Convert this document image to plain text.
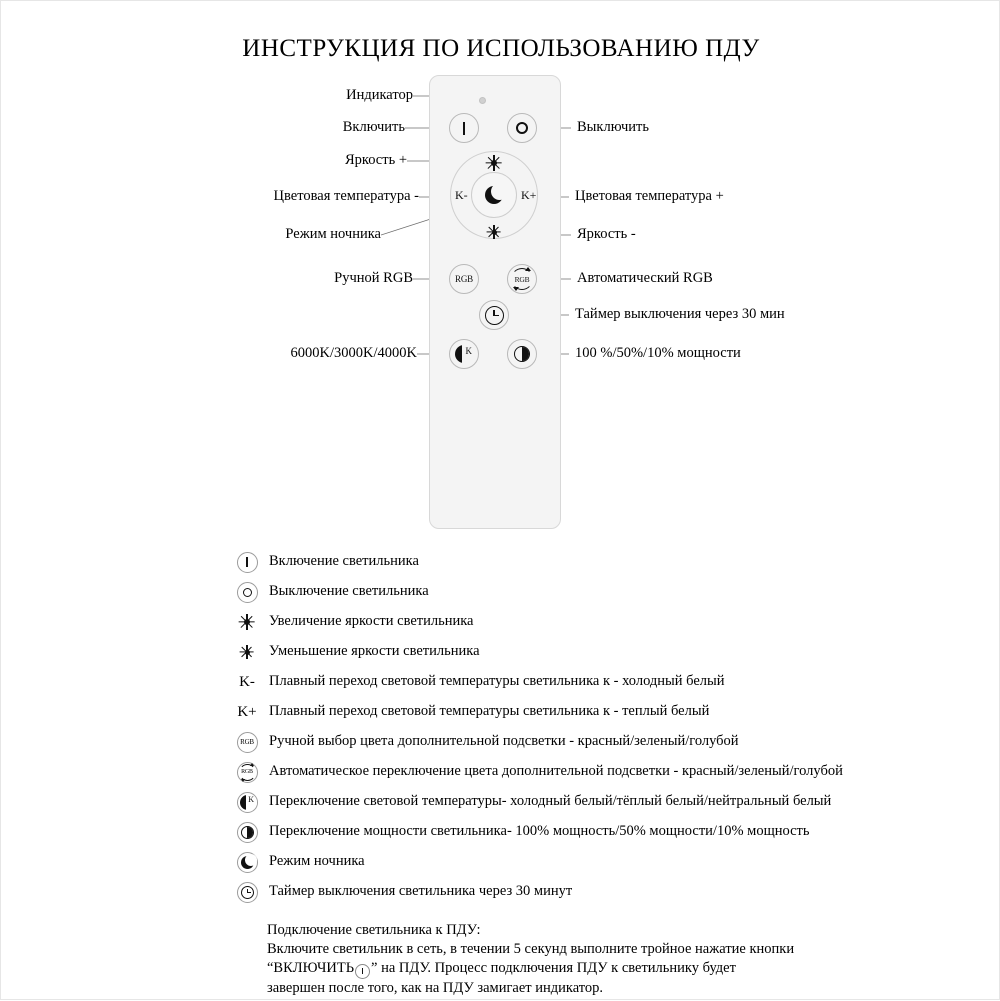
ИНСТРУКЦИЯ ПО ИСПОЛЬЗОВАНИЮ ПДУ
Индикатор
Включить	Выключить
Яркость +
Цветовая температура -	Цветовая температура +
Режим ночника	Яркость -
Ручной RGB	Автоматический RGB
Таймер выключения через 30 мин
6000K/3000K/4000K	100 %/50%/10% мощности
K-	K+
RGB	RGB
K
Включение светильника
Выключение светильника
Увеличение яркости светильника
Уменьшение яркости светильника
K- Плавный переход световой температуры светильника к - холодный белый
K+ Плавный переход световой температуры светильника к - теплый белый
RGB Ручной выбор цвета дополнительной подсветки - красный/зеленый/голубой
RGB Автоматическое переключение цвета дополнительной подсветки - красный/зеленый/голубой
K Переключение световой температуры- холодный белый/тёплый белый/нейтральный белый
Переключение мощности светильника- 100% мощность/50% мощности/10% мощность
Режим ночника
Таймер выключения светильника через 30 минут
Подключение светильника к ПДУ:
Включите светильник в сеть, в течении 5 секунд выполните тройное нажатие кнопки
“ВКЛЮЧИТЬ ” на ПДУ. Процесс подключения ПДУ к светильнику будет
завершен после того, как на ПДУ замигает индикатор.
